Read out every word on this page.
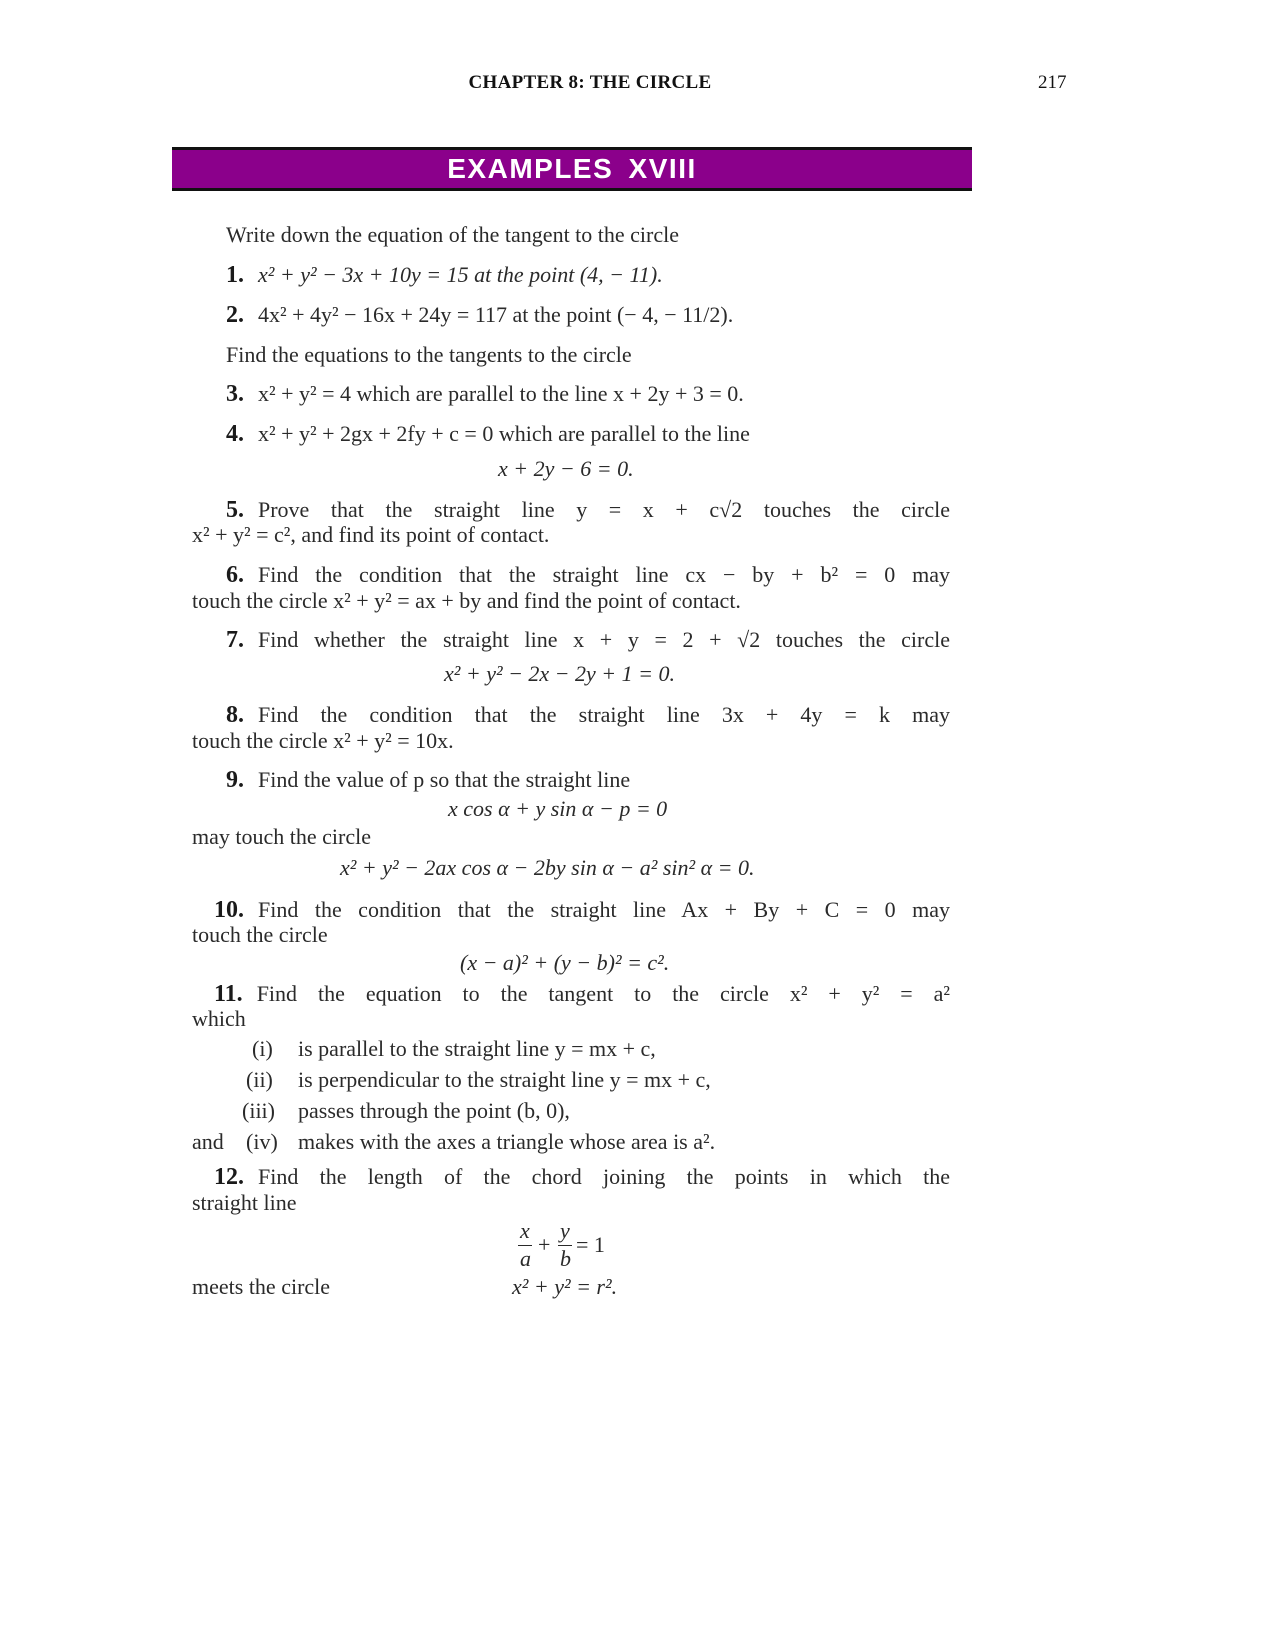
CHAPTER 8: THE CIRCLE	217
EXAMPLES XVIII
Write down the equation of the tangent to the circle
1. x² + y² − 3x + 10y = 15 at the point (4, − 11).
2. 4x² + 4y² − 16x + 24y = 117 at the point (− 4, − 11/2).
Find the equations to the tangents to the circle
3. x² + y² = 4 which are parallel to the line x + 2y + 3 = 0.
4. x² + y² + 2gx + 2fy + c = 0 which are parallel to the line
x + 2y − 6 = 0.
5. Prove that the straight line y = x + c√2 touches the circle
x² + y² = c², and find its point of contact.
6. Find the condition that the straight line cx − by + b² = 0 may
touch the circle x² + y² = ax + by and find the point of contact.
7. Find whether the straight line x + y = 2 + √2 touches the circle
x² + y² − 2x − 2y + 1 = 0.
8. Find the condition that the straight line 3x + 4y = k may
touch the circle x² + y² = 10x.
9. Find the value of p so that the straight line
x cos α + y sin α − p = 0
may touch the circle
x² + y² − 2ax cos α − 2by sin α − a² sin² α = 0.
10. Find the condition that the straight line Ax + By + C = 0 may
touch the circle
(x − a)² + (y − b)² = c².
11. Find the equation to the tangent to the circle x² + y² = a²
which
(i) is parallel to the straight line y = mx + c,
(ii) is perpendicular to the straight line y = mx + c,
(iii) passes through the point (b, 0),
and (iv) makes with the axes a triangle whose area is a².
12. Find the length of the chord joining the points in which the
straight line
x
a
+
y
b
= 1
meets the circle	x² + y² = r².
